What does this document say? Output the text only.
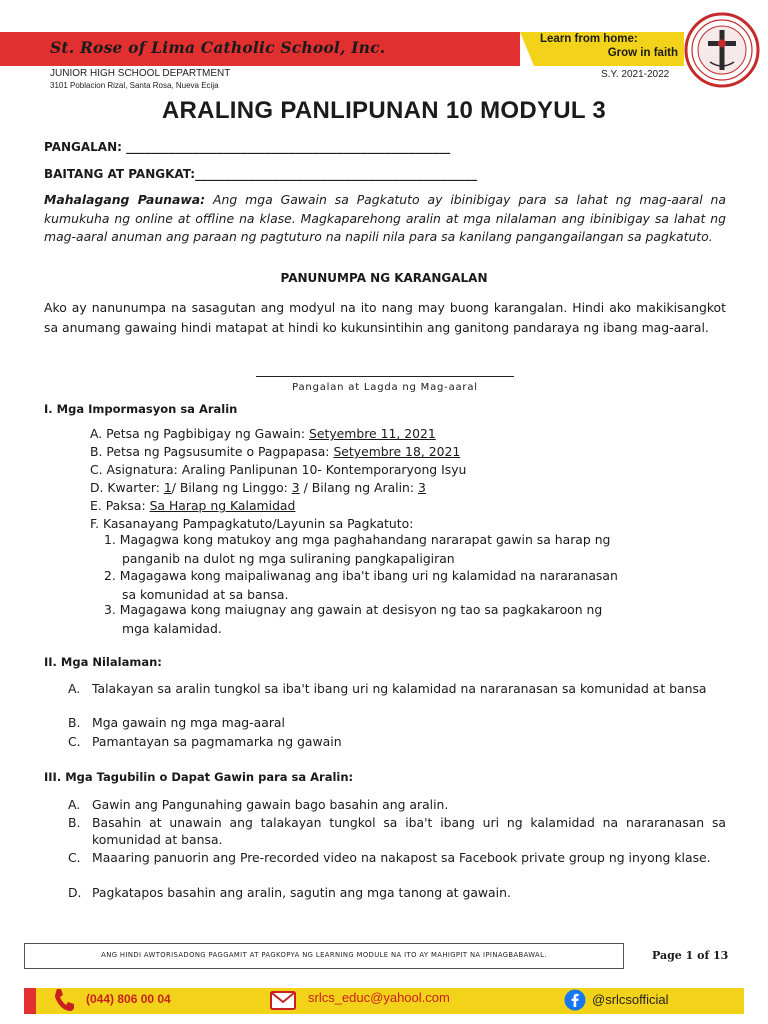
St. Rose of Lima Catholic School, Inc.	Learn from home:
Grow in faith
JUNIOR HIGH SCHOOL DEPARTMENT
3101 Poblacion Rizal, Santa Rosa, Nueva Ecija
S.Y. 2021-2022
ARALING PANLIPUNAN 10 MODYUL 3
PANGALAN: ______________________________________________________
BAITANG AT PANGKAT:_______________________________________________
Mahalagang Paunawa: Ang mga Gawain sa Pagkatuto ay ibinibigay para sa lahat ng mag-aaral na kumukuha ng online at offline na klase. Magkaparehong aralin at mga nilalaman ang ibinibigay sa lahat ng mag-aaral anuman ang paraan ng pagtuturo na napili nila para sa kanilang pangangailangan sa pagkatuto.
PANUNUMPA NG KARANGALAN
Ako ay nanunumpa na sasagutan ang modyul na ito nang may buong karangalan. Hindi ako makikisangkot sa anumang gawaing hindi matapat at hindi ko kukunsintihin ang ganitong pandaraya ng ibang mag-aaral.
Pangalan at Lagda ng Mag-aaral
I. Mga Impormasyon sa Aralin
A. Petsa ng Pagbibigay ng Gawain: Setyembre 11, 2021
B. Petsa ng Pagsusumite o Pagpapasa: Setyembre 18, 2021
C. Asignatura: Araling Panlipunan 10- Kontemporaryong Isyu
D. Kwarter: 1/ Bilang ng Linggo: 3 / Bilang ng Aralin: 3
E. Paksa: Sa Harap ng Kalamidad
F. Kasanayang Pampagkatuto/Layunin sa Pagkatuto:
1. Magagwa kong matukoy ang mga paghahandang nararapat gawin sa harap ng
panganib na dulot ng mga suliraning pangkapaligiran
2. Magagawa kong maipaliwanag ang iba't ibang uri ng kalamidad na nararanasan
sa komunidad at sa bansa.
3. Magagawa kong maiugnay ang gawain at desisyon ng tao sa pagkakaroon ng
mga kalamidad.
II. Mga Nilalaman:
A. Talakayan sa aralin tungkol sa iba't ibang uri ng kalamidad na nararanasan sa komunidad at bansa
B. Mga gawain ng mga mag-aaral
C. Pamantayan sa pagmamarka ng gawain
III. Mga Tagubilin o Dapat Gawin para sa Aralin:
A. Gawin ang Pangunahing gawain bago basahin ang aralin.
B. Basahin at unawain ang talakayan tungkol sa iba't ibang uri ng kalamidad na nararanasan sa komunidad at bansa.
C. Maaaring panuorin ang Pre-recorded video na nakapost sa Facebook private group ng inyong klase.
D. Pagkatapos basahin ang aralin, sagutin ang mga tanong at gawain.
ANG HINDI AWTORISADONG PAGGAMIT AT PAGKOPYA NG LEARNING MODULE NA ITO AY MAHIGPIT NA IPINAGBABAWAL.	Page 1 of 13
(044) 806 00 04	srlcs_educ@yahool.com	@srlcsofficial
